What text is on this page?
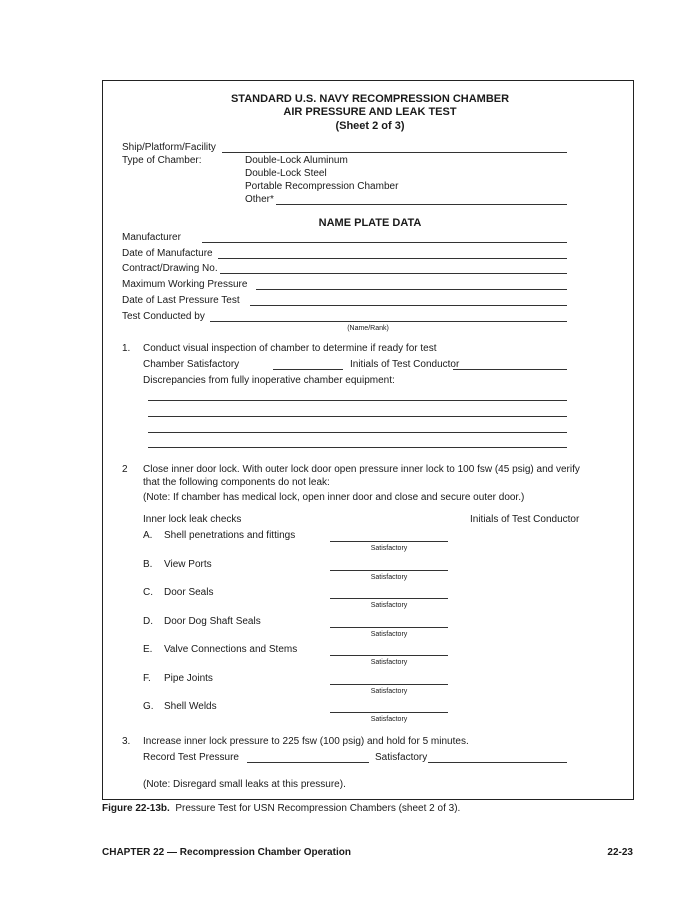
STANDARD U.S. NAVY RECOMPRESSION CHAMBER
AIR PRESSURE AND LEAK TEST
(Sheet 2 of 3)
Ship/Platform/Facility
Type of Chamber:	Double-Lock Aluminum
Double-Lock Steel
Portable Recompression Chamber
Other*
NAME PLATE DATA
Manufacturer
Date of Manufacture
Contract/Drawing No.
Maximum Working Pressure
Date of Last Pressure Test
Test Conducted by
(Name/Rank)
1. Conduct visual inspection of chamber to determine if ready for test
Chamber Satisfactory	Initials of Test Conductor
Discrepancies from fully inoperative chamber equipment:
2 Close inner door lock. With outer lock door open pressure inner lock to 100 fsw (45 psig) and verify
that the following components do not leak:
(Note: If chamber has medical lock, open inner door and close and secure outer door.)
Inner lock leak checks	Initials of Test Conductor
A. Shell penetrations and fittings
Satisfactory
B. View Ports
Satisfactory
C. Door Seals
Satisfactory
D. Door Dog Shaft Seals
Satisfactory
E. Valve Connections and Stems
Satisfactory
F. Pipe Joints
Satisfactory
G. Shell Welds
Satisfactory
3. Increase inner lock pressure to 225 fsw (100 psig) and hold for 5 minutes.
Record Test Pressure	Satisfactory
(Note: Disregard small leaks at this pressure).
Figure 22-13b. Pressure Test for USN Recompression Chambers (sheet 2 of 3).
CHAPTER 22 — Recompression Chamber Operation	22-23
